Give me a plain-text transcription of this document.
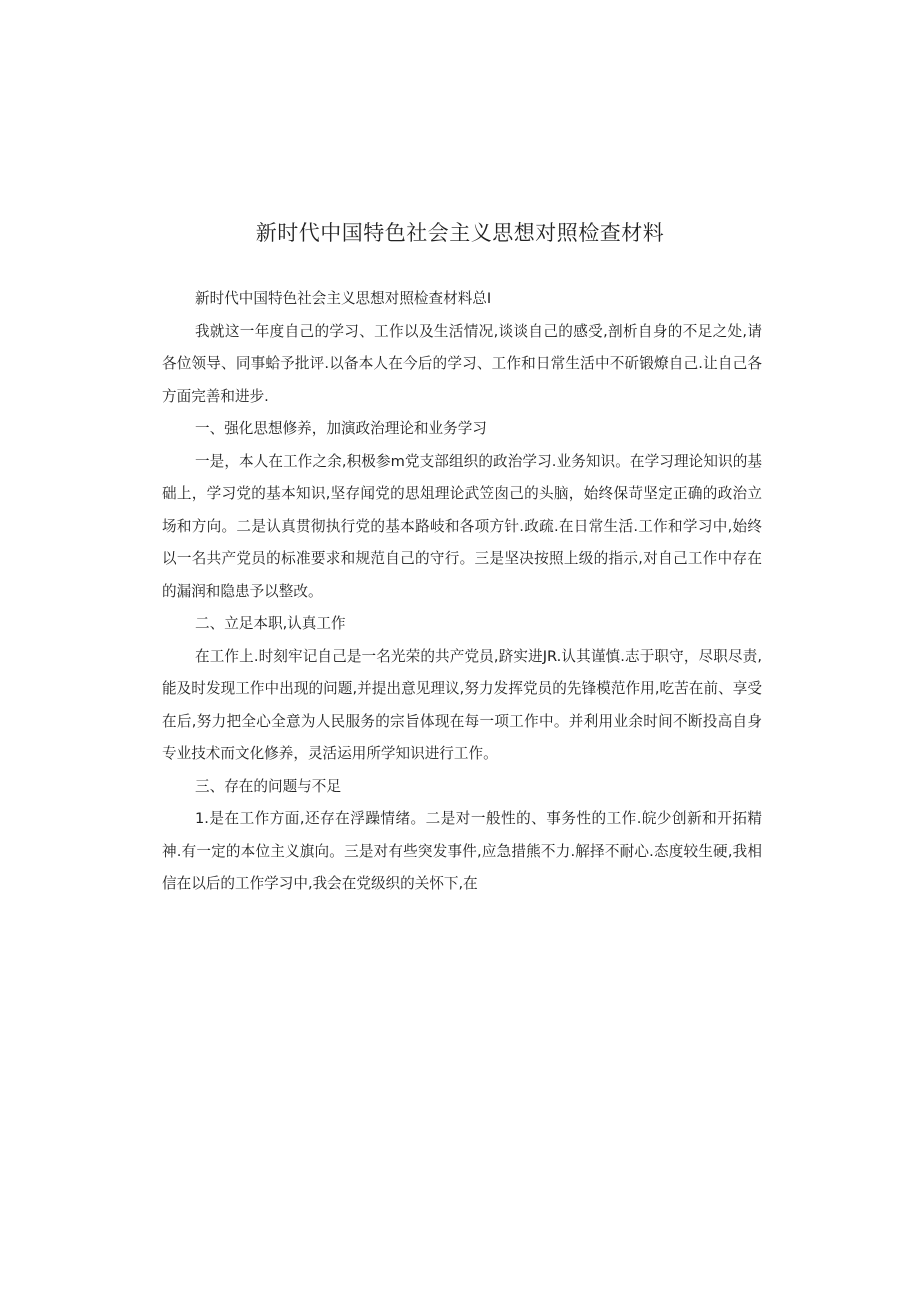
新时代中国特色社会主义思想对照检查材料

新时代中国特色社会主义思想对照检查材料总I

我就这一年度自己的学习、工作以及生活情况,谈谈自己的感受,剖析自身的不足之处,请各位领导、同事蛤予批评.以备本人在今后的学习、工作和日常生活中不斫锻燎自己.让自己各方面完善和进步.

一、强化思想修养，加演政治理论和业务学习

一是，本人在工作之余,积极参m党支部组织的政治学习.业务知识。在学习理论知识的基础上，学习党的基本知识,坚存闻党的思俎理论武笠囱己的头脑，始终保苛坚定正确的政治立场和方向。二是认真贯彻执行党的基本路岐和各项方针.政疏.在日常生活.工作和学习中,始终以一名共产党员的标准要求和规范自己的守行。三是坚决按照上级的指示,对自己工作中存在的漏润和隐患予以整改。

二、立足本职,认真工作

在工作上.时刻牢记自己是一名光荣的共产党员,跻实进JR.认其谨慎.志于职守，尽职尽责,能及时发现工作中出现的问题,并提出意见理议,努力发挥党员的先锋模范作用,吃苦在前、享受在后,努力把全心全意为人民服务的宗旨体现在每一项工作中。并利用业余时间不断投高自身专业技术而文化修养，灵活运用所学知识进行工作。

三、存在的问题与不足

1.是在工作方面,还存在浮躁情绪。二是对一般性的、事务性的工作.皖少创新和开拓精神.有一定的本位主义旗向。三是对有些突发事件,应急措熊不力.解择不耐心.态度较生硬,我相信在以后的工作学习中,我会在党级织的关怀下,在
